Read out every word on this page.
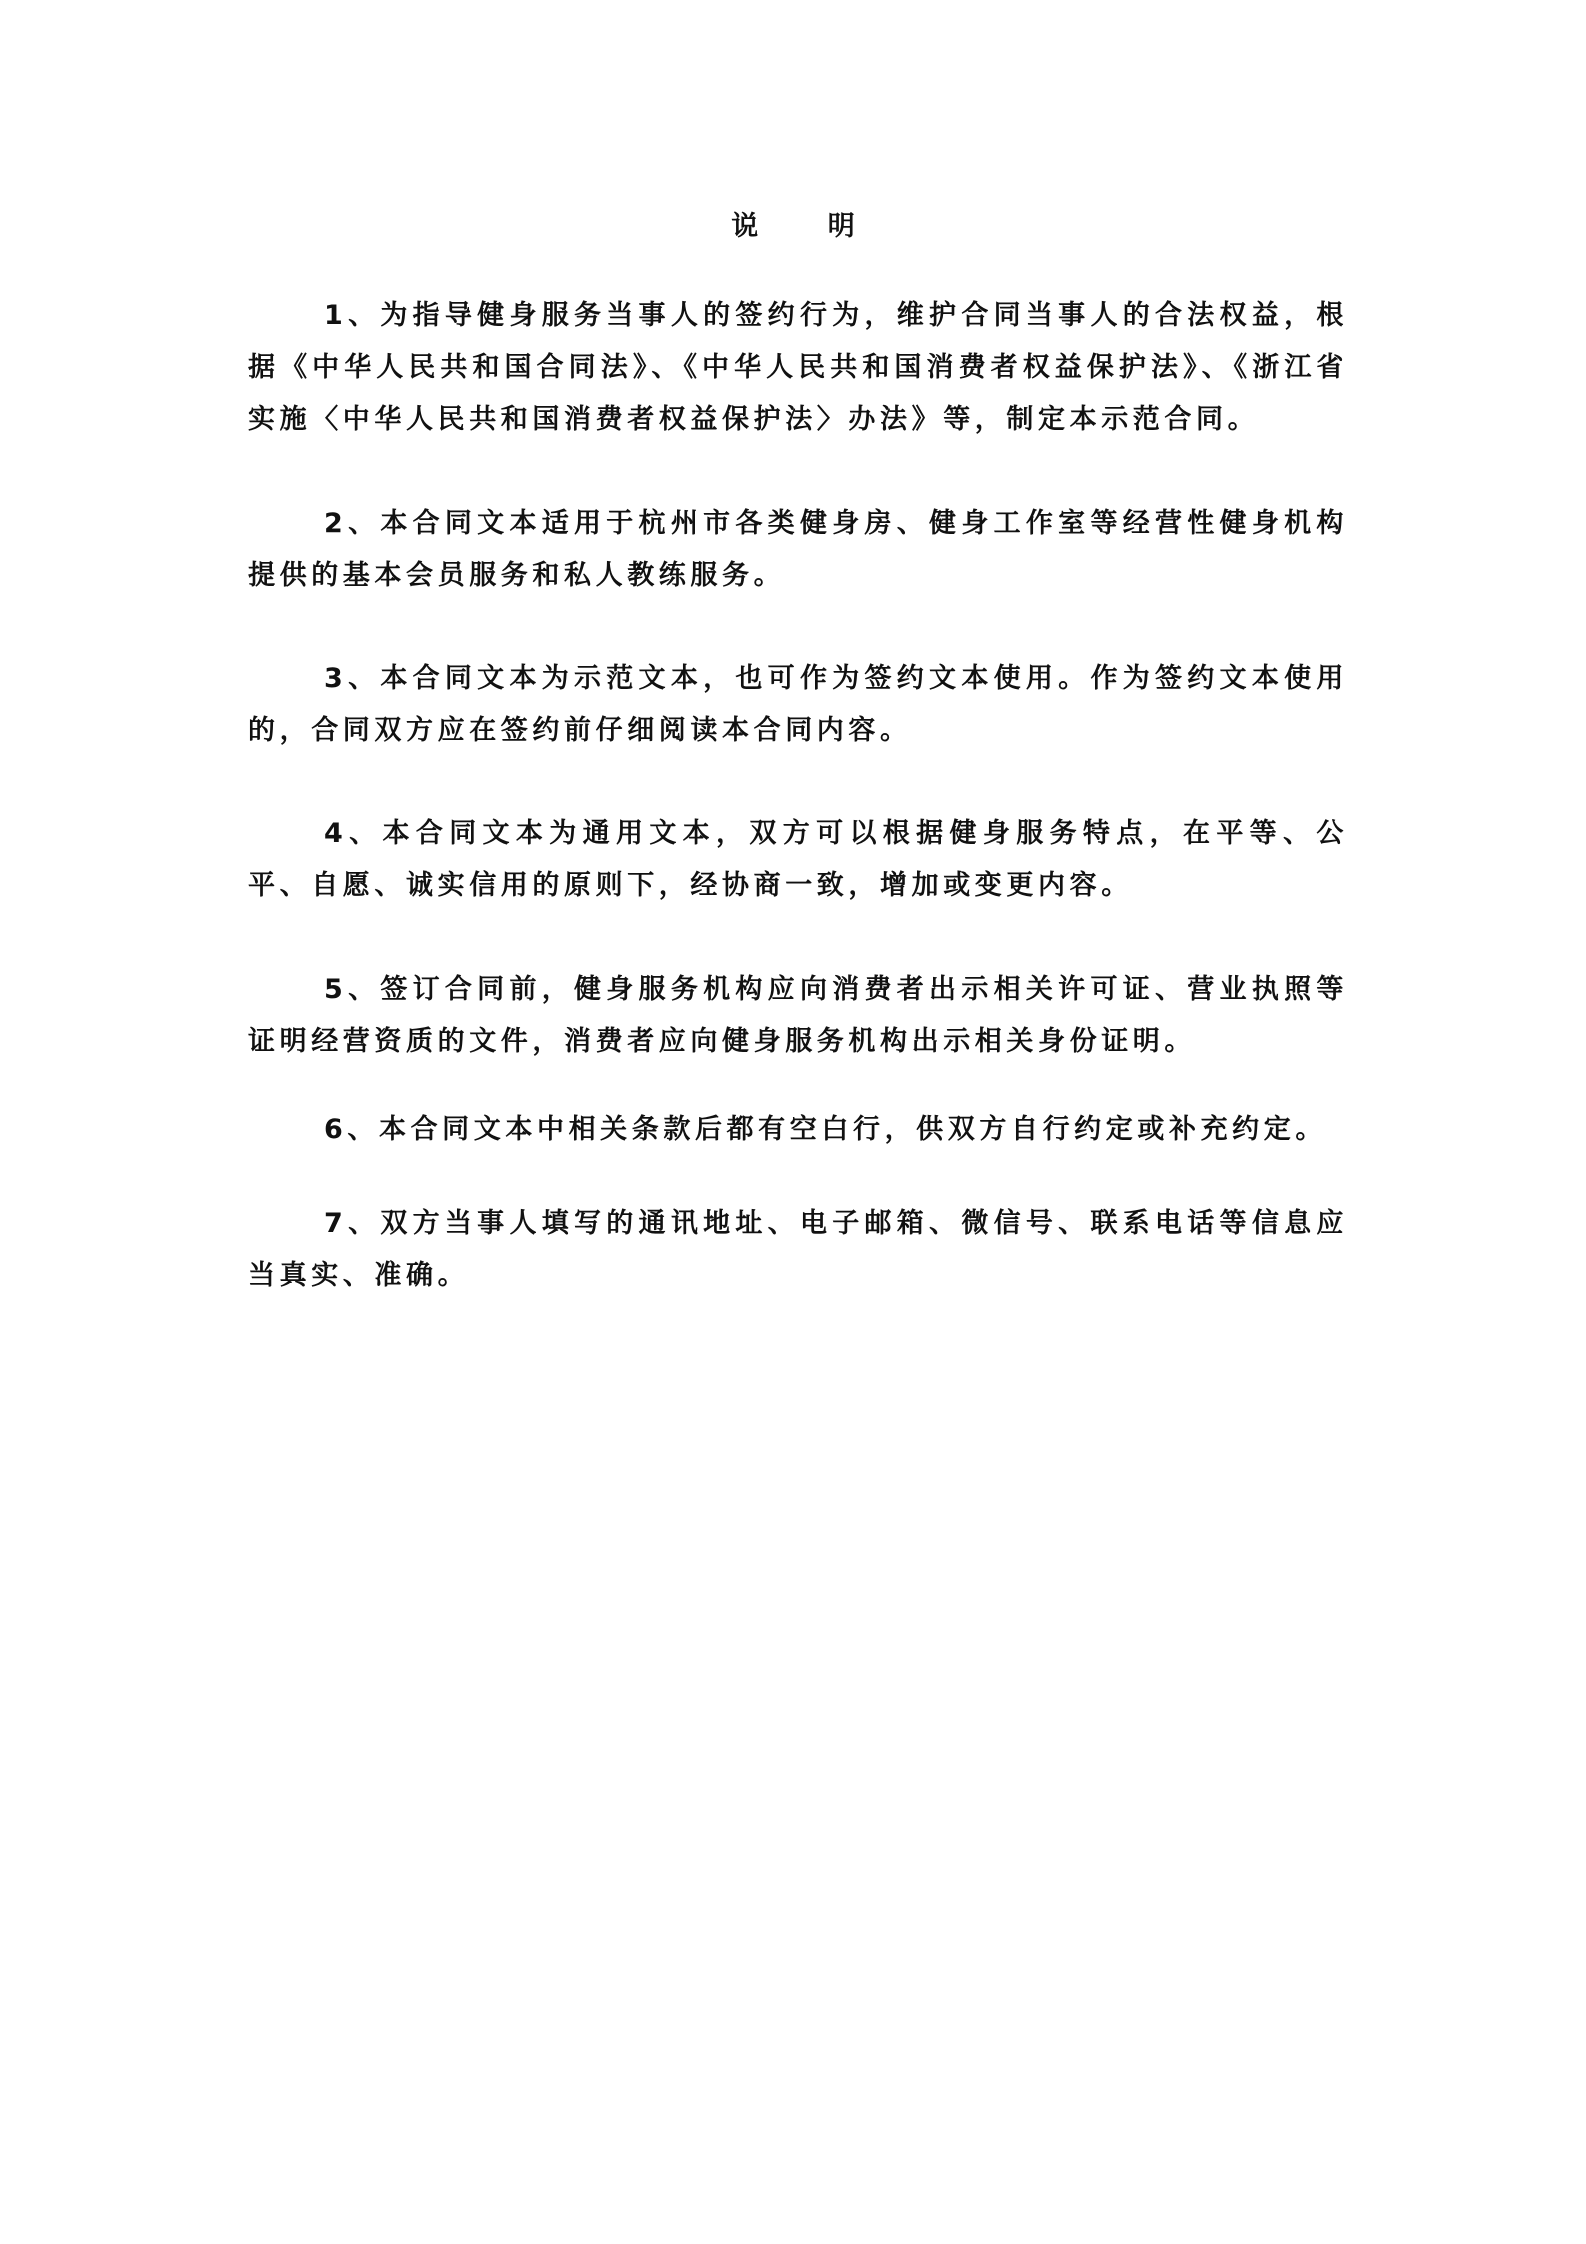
说 明

1、为指导健身服务当事人的签约行为，维护合同当事人的合法权益，根据《中华人民共和国合同法》、《中华人民共和国消费者权益保护法》、《浙江省实施〈中华人民共和国消费者权益保护法〉办法》等，制定本示范合同。

2、本合同文本适用于杭州市各类健身房、健身工作室等经营性健身机构提供的基本会员服务和私人教练服务。

3、本合同文本为示范文本，也可作为签约文本使用。作为签约文本使用的，合同双方应在签约前仔细阅读本合同内容。

4、本合同文本为通用文本，双方可以根据健身服务特点，在平等、公平、自愿、诚实信用的原则下，经协商一致，增加或变更内容。

5、签订合同前，健身服务机构应向消费者出示相关许可证、营业执照等证明经营资质的文件，消费者应向健身服务机构出示相关身份证明。

6、本合同文本中相关条款后都有空白行，供双方自行约定或补充约定。

7、双方当事人填写的通讯地址、电子邮箱、微信号、联系电话等信息应当真实、准确。
